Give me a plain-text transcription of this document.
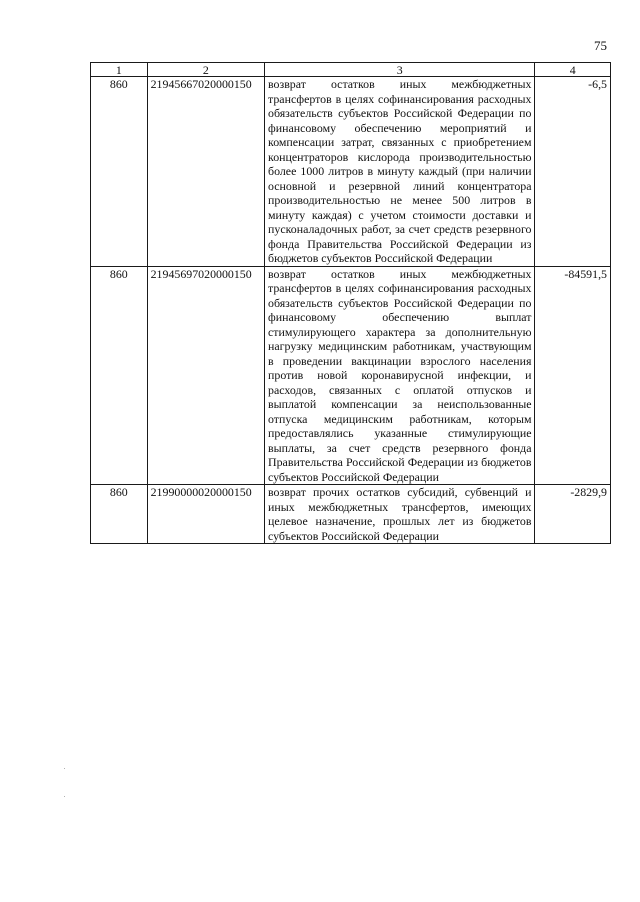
75
1	2	3	4
860	21945667020000150	возврат остатков иных межбюджетных трансфертов в целях софинансирования расходных обязательств субъектов Российской Федерации по финансовому обеспечению мероприятий и компенсации затрат, связанных с приобретением концентраторов кислорода производительностью более 1000 литров в минуту каждый (при наличии основной и резервной линий концентратора производительностью не менее 500 литров в минуту каждая) с учетом стоимости доставки и пусконаладочных работ, за счет средств резервного фонда Правительства Российской Федерации из бюджетов субъектов Российской Федерации	-6,5
860	21945697020000150	возврат остатков иных межбюджетных трансфертов в целях софинансирования расходных обязательств субъектов Российской Федерации по финансовому обеспечению выплат стимулирующего характера за дополнительную нагрузку медицинским работникам, участвующим в проведении вакцинации взрослого населения против новой коронавирусной инфекции, и расходов, связанных с оплатой отпусков и выплатой компенсации за неиспользованные отпуска медицинским работникам, которым предоставлялись указанные стимулирующие выплаты, за счет средств резервного фонда Правительства Российской Федерации из бюджетов субъектов Российской Федерации	-84591,5
860	21990000020000150	возврат прочих остатков субсидий, субвенций и иных межбюджетных трансфертов, имеющих целевое назначение, прошлых лет из бюджетов субъектов Российской Федерации	-2829,9
